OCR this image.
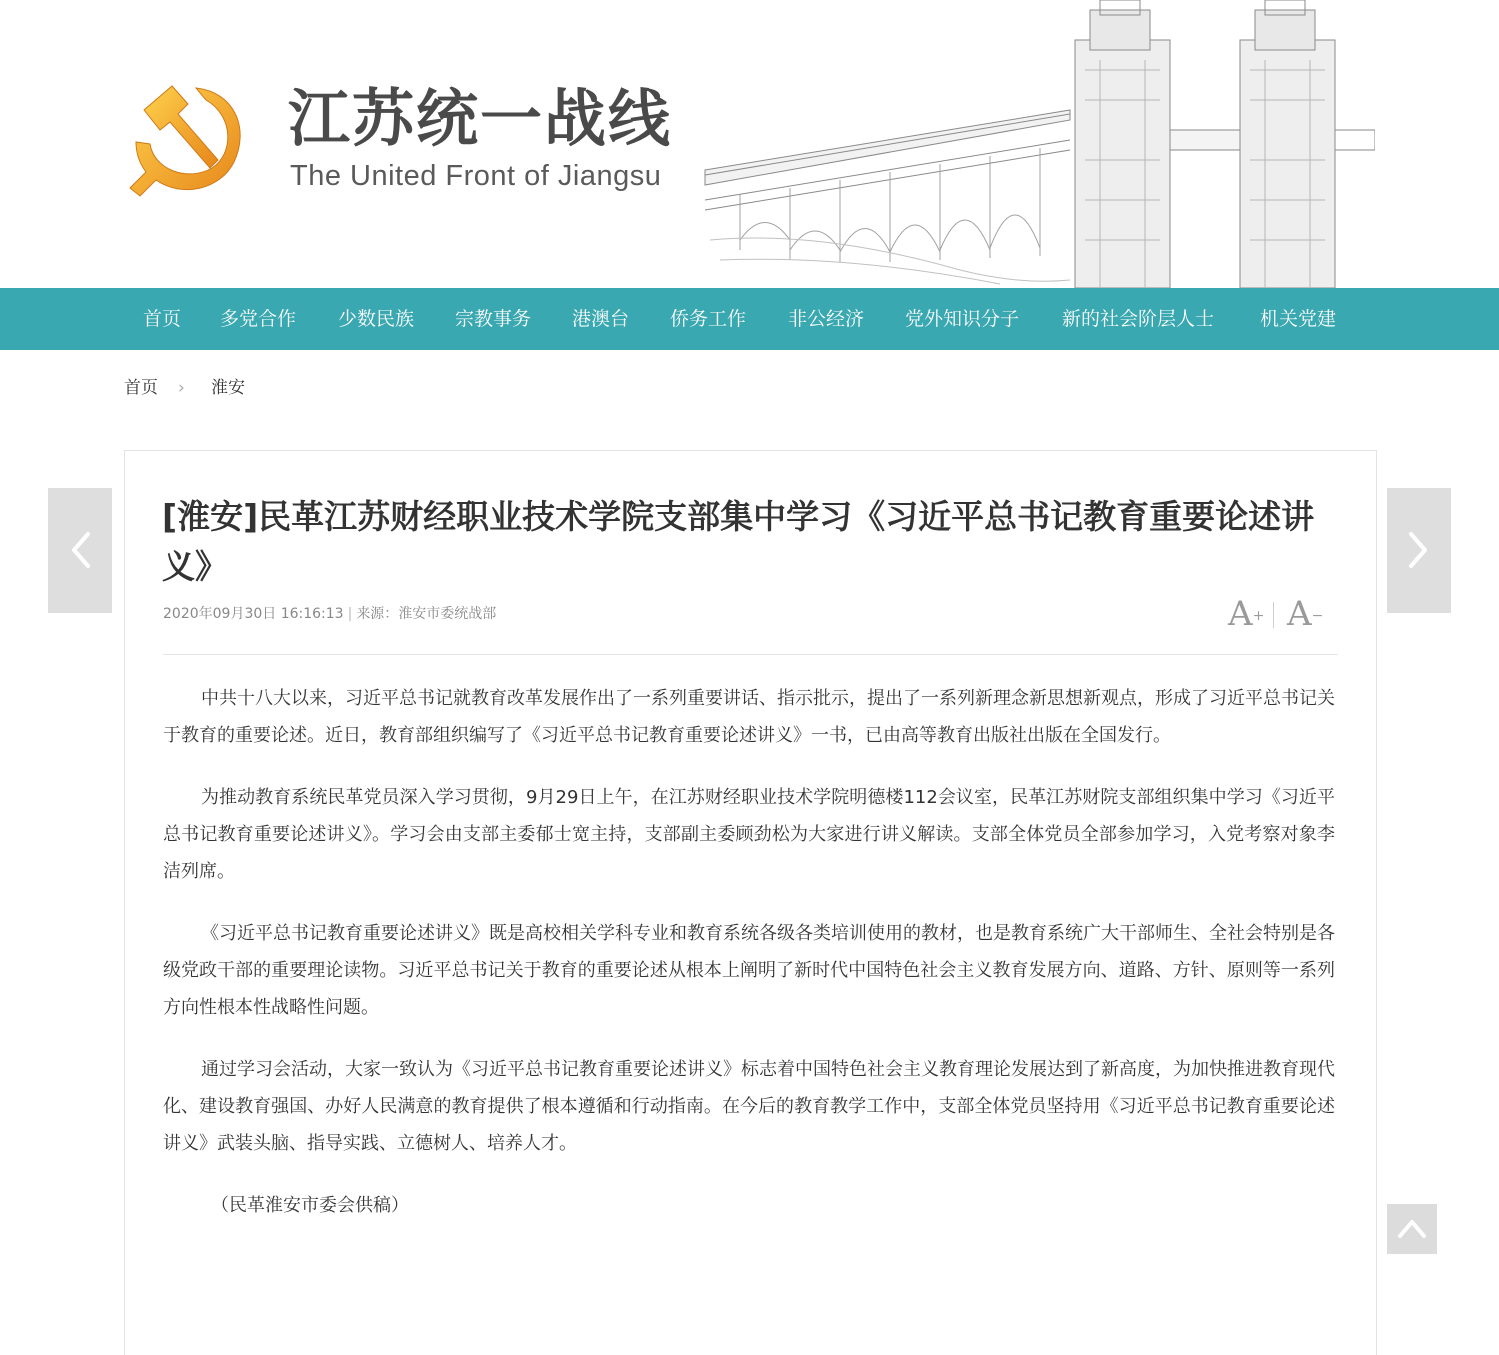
江苏统一战线
The United Front of Jiangsu
首页 多党合作 少数民族 宗教事务 港澳台 侨务工作 非公经济 党外知识分子 新的社会阶层人士 机关党建
首页 › 淮安
[淮安]民革江苏财经职业技术学院支部集中学习《习近平总书记教育重要论述讲义》
2020年09月30日 16:16:13 | 来源：淮安市委统战部	A+ A−

中共十八大以来，习近平总书记就教育改革发展作出了一系列重要讲话、指示批示，提出了一系列新理念新思想新观点，形成了习近平总书记关于教育的重要论述。近日，教育部组织编写了《习近平总书记教育重要论述讲义》一书，已由高等教育出版社出版在全国发行。

为推动教育系统民革党员深入学习贯彻，9月29日上午，在江苏财经职业技术学院明德楼112会议室，民革江苏财院支部组织集中学习《习近平总书记教育重要论述讲义》。学习会由支部主委郁士宽主持，支部副主委顾劲松为大家进行讲义解读。支部全体党员全部参加学习，入党考察对象李洁列席。

《习近平总书记教育重要论述讲义》既是高校相关学科专业和教育系统各级各类培训使用的教材，也是教育系统广大干部师生、全社会特别是各级党政干部的重要理论读物。习近平总书记关于教育的重要论述从根本上阐明了新时代中国特色社会主义教育发展方向、道路、方针、原则等一系列方向性根本性战略性问题。

通过学习会活动，大家一致认为《习近平总书记教育重要论述讲义》标志着中国特色社会主义教育理论发展达到了新高度，为加快推进教育现代化、建设教育强国、办好人民满意的教育提供了根本遵循和行动指南。在今后的教育教学工作中，支部全体党员坚持用《习近平总书记教育重要论述讲义》武装头脑、指导实践、立德树人、培养人才。

（民革淮安市委会供稿）
